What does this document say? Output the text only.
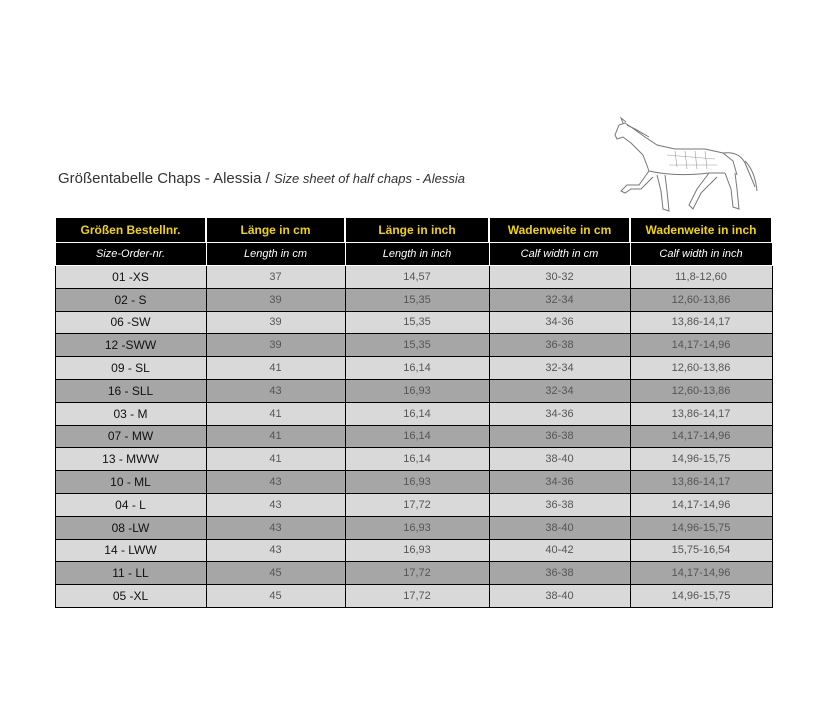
Größentabelle Chaps - Alessia / Size sheet of half chaps - Alessia
Größen Bestellnr.	Länge in cm	Länge in inch	Wadenweite in cm	Wadenweite in inch
Size-Order-nr.	Length in cm	Length in inch	Calf width in cm	Calf width in inch
01 -XS	37	14,57	30-32	11,8-12,60
02 - S	39	15,35	32-34	12,60-13,86
06 -SW	39	15,35	34-36	13,86-14,17
12 -SWW	39	15,35	36-38	14,17-14,96
09 - SL	41	16,14	32-34	12,60-13,86
16 - SLL	43	16,93	32-34	12,60-13,86
03 - M	41	16,14	34-36	13,86-14,17
07 - MW	41	16,14	36-38	14,17-14,96
13 - MWW	41	16,14	38-40	14,96-15,75
10 - ML	43	16,93	34-36	13,86-14,17
04 - L	43	17,72	36-38	14,17-14,96
08 -LW	43	16,93	38-40	14,96-15,75
14 - LWW	43	16,93	40-42	15,75-16,54
11 - LL	45	17,72	36-38	14,17-14,96
05 -XL	45	17,72	38-40	14,96-15,75
